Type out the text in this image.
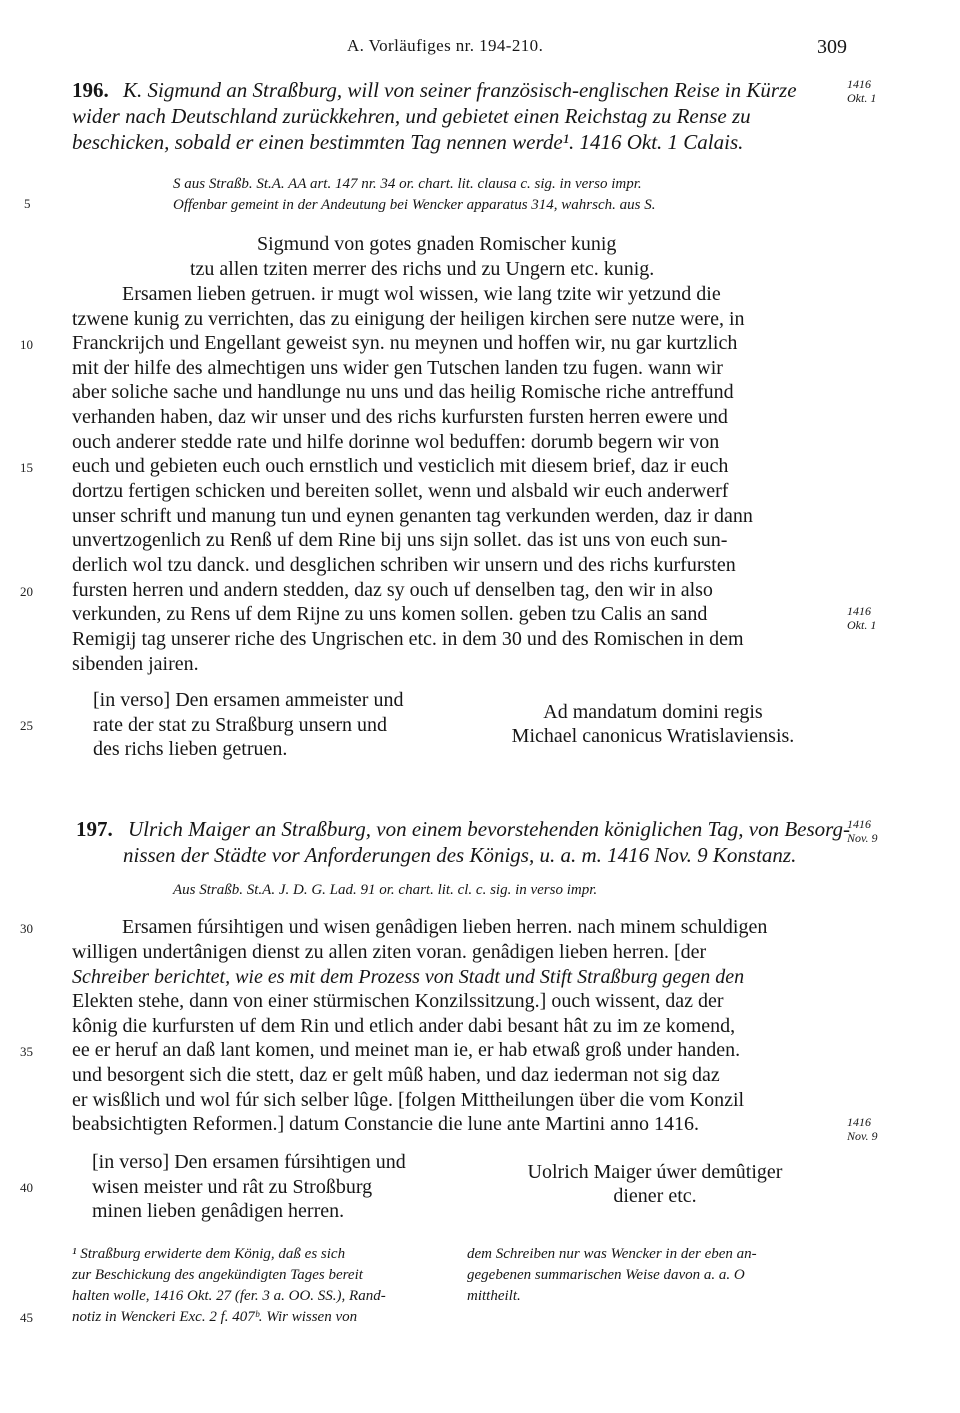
A. Vorläufiges nr. 194-210.	309
196. K. Sigmund an Straßburg, will von seiner französisch-englischen Reise in Kürze
wider nach Deutschland zurückkehren, und gebietet einen Reichstag zu Rense zu
beschicken, sobald er einen bestimmten Tag nennen werde¹. 1416 Okt. 1 Calais.
1416
Okt. 1
S aus Straßb. St.A. AA art. 147 nr. 34 or. chart. lit. clausa c. sig. in verso impr.
Offenbar gemeint in der Andeutung bei Wencker apparatus 314, wahrsch. aus S.
Sigmund von gotes gnaden Romischer kunig
tzu allen tziten merrer des richs und zu Ungern etc. kunig.
Ersamen lieben getruen. ir mugt wol wissen, wie lang tzite wir yetzund die
tzwene kunig zu verrichten, das zu einigung der heiligen kirchen sere nutze were, in
Franckrijch und Engellant geweist syn. nu meynen und hoffen wir, nu gar kurtzlich
mit der hilfe des almechtigen uns wider gen Tutschen landen tzu fugen. wann wir
aber soliche sache und handlunge nu uns und das heilig Romische riche antreffund
verhanden haben, daz wir unser und des richs kurfursten fursten herren ewere und
ouch anderer stedde rate und hilfe dorinne wol beduffen: dorumb begern wir von
euch und gebieten euch ouch ernstlich und vesticlich mit diesem brief, daz ir euch
dortzu fertigen schicken und bereiten sollet, wenn und alsbald wir euch anderwerf
unser schrift und manung tun und eynen genanten tag verkunden werden, daz ir dann
unvertzogenlich zu Renß uf dem Rine bij uns sijn sollet. das ist uns von euch sun-
derlich wol tzu danck. und desglichen schriben wir unsern und des richs kurfursten
fursten herren und andern stedden, daz sy ouch uf denselben tag, den wir in also
verkunden, zu Rens uf dem Rijne zu uns komen sollen. geben tzu Calis an sand
Remigij tag unserer riche des Ungrischen etc. in dem 30 und des Romischen in dem
sibenden jairen.
1416
Okt. 1
[in verso] Den ersamen ammeister und
rate der stat zu Straßburg unsern und
des richs lieben getruen.
Ad mandatum domini regis
Michael canonicus Wratislaviensis.
197. Ulrich Maiger an Straßburg, von einem bevorstehenden königlichen Tag, von Besorg-
nissen der Städte vor Anforderungen des Königs, u. a. m. 1416 Nov. 9 Konstanz.
1416
Nov. 9
Aus Straßb. St.A. J. D. G. Lad. 91 or. chart. lit. cl. c. sig. in verso impr.
Ersamen fúrsihtigen und wisen genâdigen lieben herren. nach minem schuldigen
willigen undertânigen dienst zu allen ziten voran. genâdigen lieben herren. [der
Schreiber berichtet, wie es mit dem Prozess von Stadt und Stift Straßburg gegen den
Elekten stehe, dann von einer stürmischen Konzilssitzung.] ouch wissent, daz der
kônig die kurfursten uf dem Rin und etlich ander dabi besant hât zu im ze komend,
ee er heruf an daß lant komen, und meinet man ie, er hab etwaß groß under handen.
und besorgent sich die stett, daz er gelt mûß haben, und daz iederman not sig daz
er wisßlich und wol fúr sich selber lûge. [folgen Mittheilungen über die vom Konzil
beabsichtigten Reformen.] datum Constancie die lune ante Martini anno 1416.	1416
Nov. 9
[in verso] Den ersamen fúrsihtigen und
wisen meister und rât zu Stroßburg
minen lieben genâdigen herren.
Uolrich Maiger úwer demûtiger
diener etc.
¹ Straßburg erwiderte dem König, daß es sich
zur Beschickung des angekündigten Tages bereit
halten wolle, 1416 Okt. 27 (fer. 3 a. OO. SS.), Rand-
notiz in Wenckeri Exc. 2 f. 407ᵇ. Wir wissen von
dem Schreiben nur was Wencker in der eben an-
gegebenen summarischen Weise davon a. a. O
mittheilt.
5
10
15
20
25
30
35
40
45
